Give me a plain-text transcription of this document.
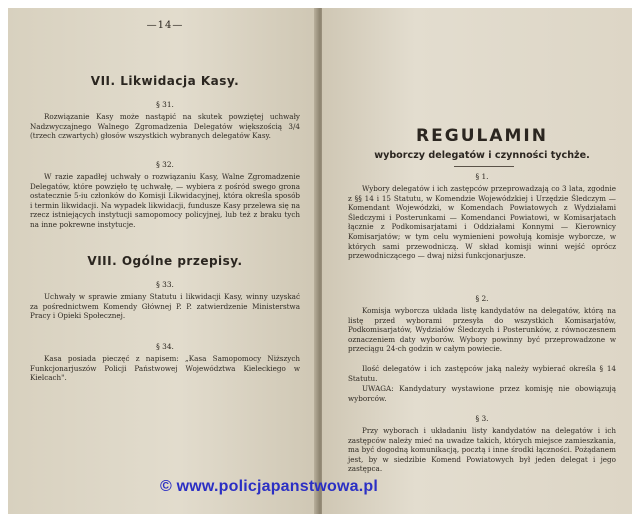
—14—
VII. Likwidacja Kasy.
§ 31.
Rozwiązanie Kasy może nastąpić na skutek powziętej uchwały Nadzwyczajnego Walnego Zgromadzenia Delegatów większością 3/4 (trzech czwartych) głosów wszystkich wybranych delegatów Kasy.
§ 32.
W razie zapadłej uchwały o rozwiązaniu Kasy, Walne Zgromadzenie Delegatów, które powzięło tę uchwałę, — wybiera z pośród swego grona ostatecznie 5-iu członków do Komisji Likwidacyjnej, która określa sposób i termin likwidacji. Na wypadek likwidacji, fundusze Kasy przelewa się na rzecz istniejących instytucji samopomocy policyjnej, lub też z braku tych na inne pokrewne instytucje.
VIII. Ogólne przepisy.
§ 33.
Uchwały w sprawie zmiany Statutu i likwidacji Kasy, winny uzyskać za pośrednictwem Komendy Głównej P. P. zatwierdzenie Ministerstwa Pracy i Opieki Społecznej.
§ 34.
Kasa posiada pieczęć z napisem: „Kasa Samopomocy Niższych Funkcjonarjuszów Policji Państwowej Województwa Kieleckiego w Kielcach".
REGULAMIN
wyborczy delegatów i czynności tychże.
§ 1.
Wybory delegatów i ich zastępców przeprowadzają co 3 lata, zgodnie z §§ 14 i 15 Statutu, w Komendzie Wojewódzkiej i Urzędzie Śledczym — Komendant Wojewódzki, w Komendach Powiatowych z Wydziałami Śledczymi i Posterunkami — Komendanci Powiatowi, w Komisarjatach łącznie z Podkomisarjatami i Oddziałami Konnymi — Kierownicy Komisarjatów; w tym celu wymienieni powołują komisje wyborcze, w których sami przewodniczą. W skład komisji winni wejść oprócz przewodniczącego — dwaj niżsi funkcjonarjusze.
§ 2.
Komisja wyborcza układa listę kandydatów na delegatów, którą na listę przed wyborami przesyła do wszystkich Komisarjatów, Podkomisarjatów, Wydziałów Śledczych i Posterunków, z równoczesnem oznaczeniem daty wyborów. Wybory powinny być przeprowadzone w przeciągu 24-ch godzin w całym powiecie.
Ilość delegatów i ich zastępców jaką należy wybierać określa § 14 Statutu.
UWAGA: Kandydatury wystawione przez komisję nie obowiązują wyborców.
§ 3.
Przy wyborach i układaniu listy kandydatów na delegatów i ich zastępców należy mieć na uwadze takich, których miejsce zamieszkania, ma być dogodną komunikacją, pocztą i inne środki łączności. Pożądanem jest, by w siedzibie Komend Powiatowych był jeden delegat i jego zastępca.
© www.policjapanstwowa.pl
